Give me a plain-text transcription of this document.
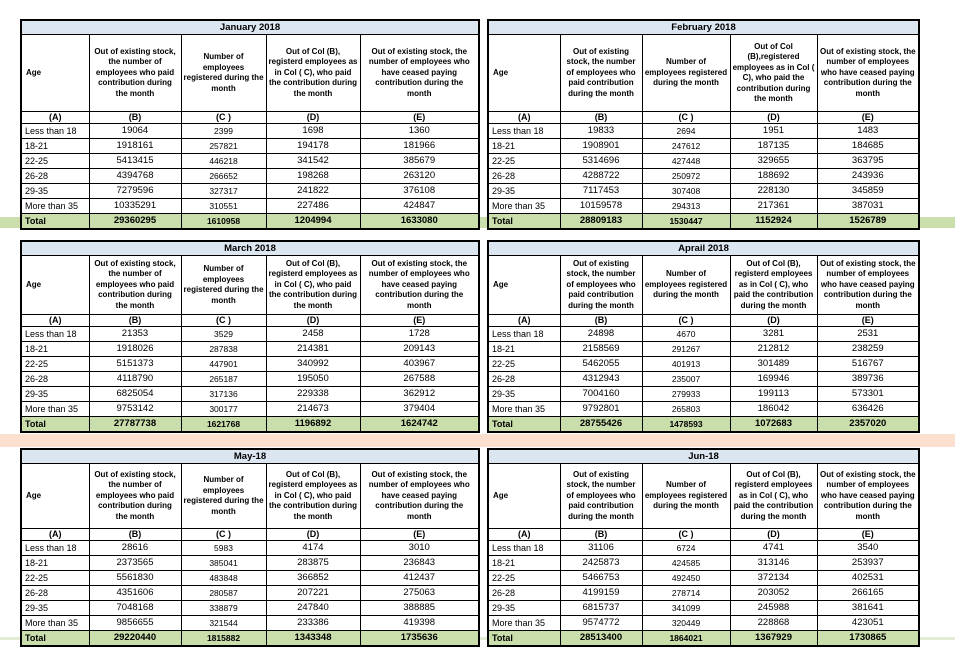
January 2018				

Age	Out of existing stock, the number of employees who paid contribution during the month	Number of employees registered during the month	Out of Col (B), registerd employees as in Col ( C), who paid the contribution during the month	Out of existing stock, the number of employees who have ceased paying contribution during the month

(A)	(B)	(C )	(D)	(E)
Less than 18	19064	2399	1698	1360
18-21	1918161	257821	194178	181966
22-25	5413415	446218	341542	385679
26-28	4394768	266652	198268	263120
29-35	7279596	327317	241822	376108
More than 35	10335291	310551	227486	424847
Total	29360295	1610958	1204994	1633080
February 2018				

Age	Out of existing stock, the number of employees who paid contribution during the month	Number of employees registered during the month	Out of Col (B),registered employees as in Col ( C), who paid the contribution during the month	Out of existing stock, the number of employees who have ceased paying contribution during the month

(A)	(B)	(C )	(D)	(E)
Less than 18	19833	2694	1951	1483
18-21	1908901	247612	187135	184685
22-25	5314696	427448	329655	363795
26-28	4288722	250972	188692	243936
29-35	7117453	307408	228130	345859
More than 35	10159578	294313	217361	387031
Total	28809183	1530447	1152924	1526789
March 2018				

Age	Out of existing stock, the number of employees who paid contribution during the month	Number of employees registered during the month	Out of Col (B), registerd employees as in Col ( C), who paid the contribution during the month	Out of existing stock, the number of employees who have ceased paying contribution during the month

(A)	(B)	(C )	(D)	(E)
Less than 18	21353	3529	2458	1728
18-21	1918026	287838	214381	209143
22-25	5151373	447901	340992	403967
26-28	4118790	265187	195050	267588
29-35	6825054	317136	229338	362912
More than 35	9753142	300177	214673	379404
Total	27787738	1621768	1196892	1624742
Aprail 2018				

Age	Out of existing stock, the number of employees who paid contribution during the month	Number of employees registered during the month	Out of Col (B), registerd employees as in Col ( C), who paid the contribution during the month	Out of existing stock, the number of employees who have ceased paying contribution during the month

(A)	(B)	(C )	(D)	(E)
Less than 18	24898	4670	3281	2531
18-21	2158569	291267	212812	238259
22-25	5462055	401913	301489	516767
26-28	4312943	235007	169946	389736
29-35	7004160	279933	199113	573301
More than 35	9792801	265803	186042	636426
Total	28755426	1478593	1072683	2357020
May-18				

Age	Out of existing stock, the number of employees who paid contribution during the month	Number of employees registered during the month	Out of Col (B), registerd employees as in Col ( C), who paid the contribution during the month	Out of existing stock, the number of employees who have ceased paying contribution during the month

(A)	(B)	(C )	(D)	(E)
Less than 18	28616	5983	4174	3010
18-21	2373565	385041	283875	236843
22-25	5561830	483848	366852	412437
26-28	4351606	280587	207221	275063
29-35	7048168	338879	247840	388885
More than 35	9856655	321544	233386	419398
Total	29220440	1815882	1343348	1735636
Jun-18				

Age	Out of existing stock, the number of employees who paid contribution during the month	Number of employees registered during the month	Out of Col (B), registerd employees as in Col ( C), who paid the contribution during the month	Out of existing stock, the number of employees who have ceased paying contribution during the month

(A)	(B)	(C )	(D)	(E)
Less than 18	31106	6724	4741	3540
18-21	2425873	424585	313146	253937
22-25	5466753	492450	372134	402531
26-28	4199159	278714	203052	266165
29-35	6815737	341099	245988	381641
More than 35	9574772	320449	228868	423051
Total	28513400	1864021	1367929	1730865
